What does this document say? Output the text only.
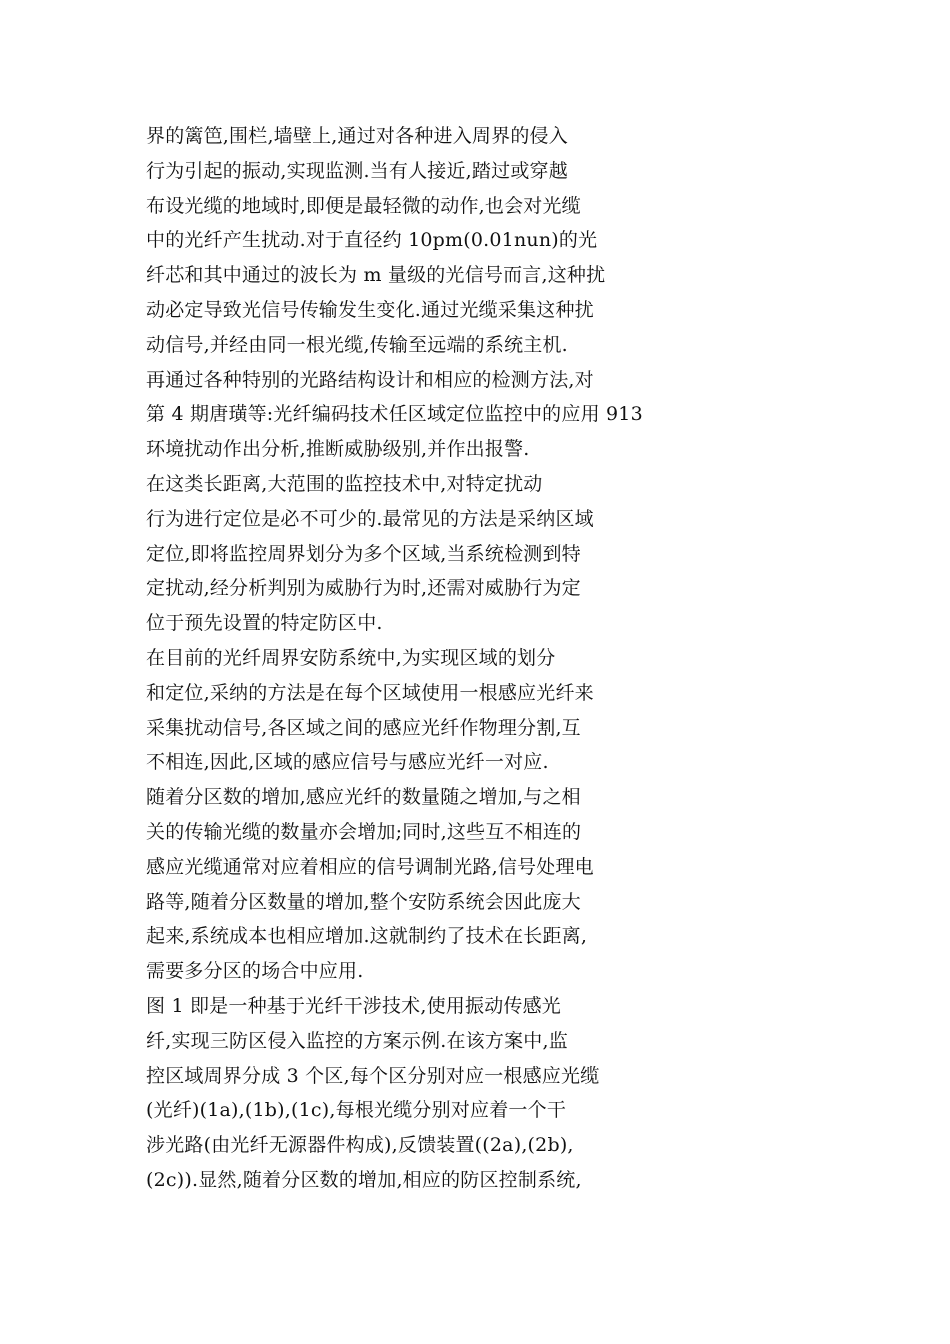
界的篱笆,围栏,墙壁上,通过对各种进入周界的侵入
行为引起的振动,实现监测.当有人接近,踏过或穿越
布设光缆的地域时,即便是最轻微的动作,也会对光缆
中的光纤产生扰动.对于直径约 10pm(0.01nun)的光
纤芯和其中通过的波长为 m 量级的光信号而言,这种扰
动必定导致光信号传输发生变化.通过光缆采集这种扰
动信号,并经由同一根光缆,传输至远端的系统主机.
再通过各种特别的光路结构设计和相应的检测方法,对
第 4 期唐璜等:光纤编码技术任区域定位监控中的应用 913
环境扰动作出分析,推断威胁级别,并作出报警.
在这类长距离,大范围的监控技术中,对特定扰动
行为进行定位是必不可少的.最常见的方法是采纳区域
定位,即将监控周界划分为多个区域,当系统检测到特
定扰动,经分析判别为威胁行为时,还需对威胁行为定
位于预先设置的特定防区中.
在目前的光纤周界安防系统中,为实现区域的划分
和定位,采纳的方法是在每个区域使用一根感应光纤来
采集扰动信号,各区域之间的感应光纤作物理分割,互
不相连,因此,区域的感应信号与感应光纤一对应.
随着分区数的增加,感应光纤的数量随之增加,与之相
关的传输光缆的数量亦会增加;同时,这些互不相连的
感应光缆通常对应着相应的信号调制光路,信号处理电
路等,随着分区数量的增加,整个安防系统会因此庞大
起来,系统成本也相应增加.这就制约了技术在长距离,
需要多分区的场合中应用.
图 1 即是一种基于光纤干涉技术,使用振动传感光
纤,实现三防区侵入监控的方案示例.在该方案中,监
控区域周界分成 3 个区,每个区分别对应一根感应光缆
(光纤)(1a),(1b),(1c),每根光缆分别对应着一个干
涉光路(由光纤无源器件构成),反馈装置((2a),(2b),
(2c)).显然,随着分区数的增加,相应的防区控制系统,
